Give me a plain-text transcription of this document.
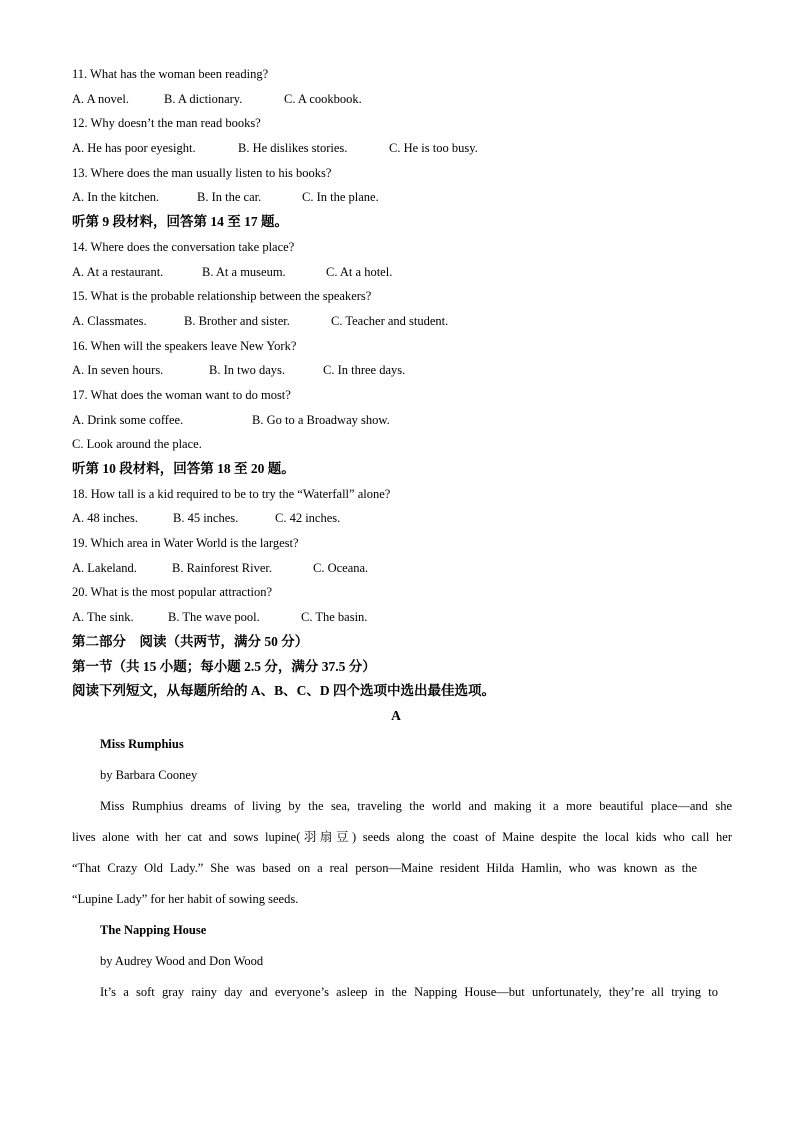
11. What has the woman been reading?
A. A novel.	B. A dictionary.	C. A cookbook.
12. Why doesn’t the man read books?
A. He has poor eyesight.	B. He dislikes stories.	C. He is too busy.
13. Where does the man usually listen to his books?
A. In the kitchen.	B. In the car.	C. In the plane.
听第 9 段材料，回答第 14 至 17 题。
14. Where does the conversation take place?
A. At a restaurant.	B. At a museum.	C. At a hotel.
15. What is the probable relationship between the speakers?
A. Classmates.	B. Brother and sister.	C. Teacher and student.
16. When will the speakers leave New York?
A. In seven hours.	B. In two days.	C. In three days.
17. What does the woman want to do most?
A. Drink some coffee.	B. Go to a Broadway show.
C. Look around the place.
听第 10 段材料，回答第 18 至 20 题。
18. How tall is a kid required to be to try the “Waterfall” alone?
A. 48 inches.	B. 45 inches.	C. 42 inches.
19. Which area in Water World is the largest?
A. Lakeland.	B. Rainforest River.	C. Oceana.
20. What is the most popular attraction?
A. The sink.	B. The wave pool.	C. The basin.
第二部分　阅读（共两节，满分 50 分）
第一节（共 15 小题；每小题 2.5 分，满分 37.5 分）
阅读下列短文，从每题所给的 A、B、C、D 四个选项中选出最佳选项。
A
Miss Rumphius
by Barbara Cooney
Miss Rumphius dreams of living by the sea, traveling the world and making it a more beautiful place—and she
lives alone with her cat and sows lupine(羽扇豆) seeds along the coast of Maine despite the local kids who call her
“That Crazy Old Lady.” She was based on a real person—Maine resident Hilda Hamlin, who was known as the
“Lupine Lady” for her habit of sowing seeds.
The Napping House
by Audrey Wood and Don Wood
It’s a soft gray rainy day and everyone’s asleep in the Napping House—but unfortunately, they’re all trying to
